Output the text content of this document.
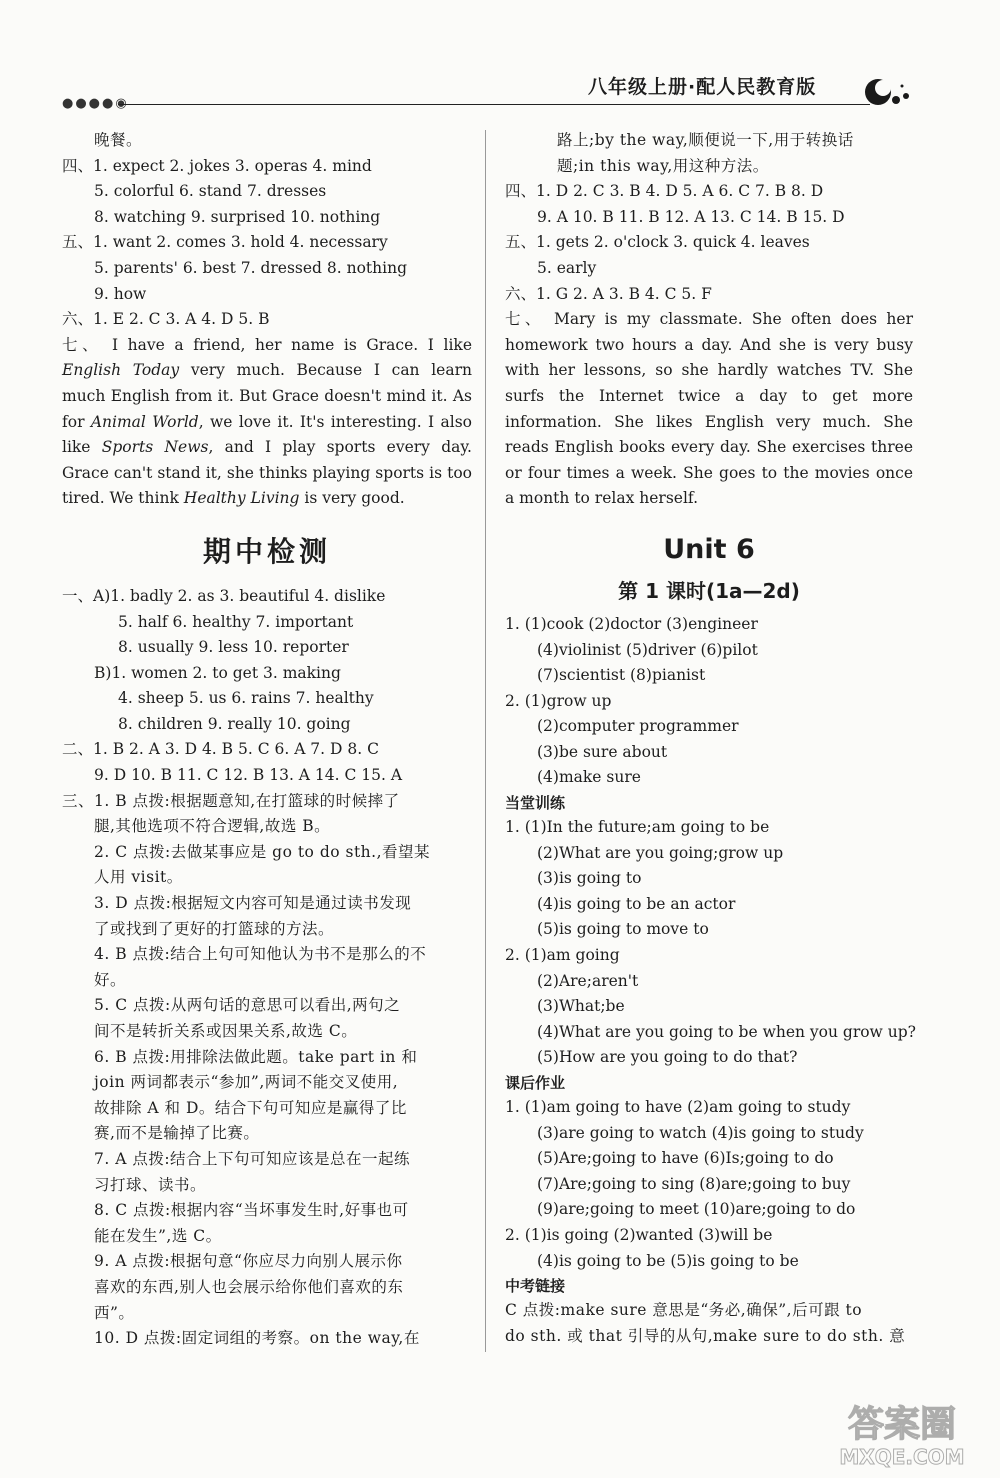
●●●●◉
八年级上册·配人民教育版

晚餐。

四、1. expect 2. jokes 3. operas 4. mind

5. colorful 6. stand 7. dresses

8. watching 9. surprised 10. nothing

五、1. want 2. comes 3. hold 4. necessary

5. parents' 6. best 7. dressed 8. nothing

9. how

六、1. E 2. C 3. A 4. D 5. B

七、 I have a friend, her name is Grace. I like English Today very much. Because I can learn much English from it. But Grace doesn't mind it. As for Animal World, we love it. It's interesting. I also like Sports News, and I play sports every day. Grace can't stand it, she thinks playing sports is too tired. We think Healthy Living is very good.

期中检测

一、A)1. badly 2. as 3. beautiful 4. dislike

5. half 6. healthy 7. important

8. usually 9. less 10. reporter

B)1. women 2. to get 3. making

4. sheep 5. us 6. rains 7. healthy

8. children 9. really 10. going

二、1. B 2. A 3. D 4. B 5. C 6. A 7. D 8. C

9. D 10. B 11. C 12. B 13. A 14. C 15. A

三、1. B 点拨:根据题意知,在打篮球的时候摔了

腿,其他选项不符合逻辑,故选 B。

2. C 点拨:去做某事应是 go to do sth.,看望某

人用 visit。

3. D 点拨:根据短文内容可知是通过读书发现

了或找到了更好的打篮球的方法。

4. B 点拨:结合上句可知他认为书不是那么的不

好。

5. C 点拨:从两句话的意思可以看出,两句之

间不是转折关系或因果关系,故选 C。

6. B 点拨:用排除法做此题。take part in 和

join 两词都表示“参加”,两词不能交叉使用,

故排除 A 和 D。结合下句可知应是赢得了比

赛,而不是输掉了比赛。

7. A 点拨:结合上下句可知应该是总在一起练

习打球、读书。

8. C 点拨:根据内容“当坏事发生时,好事也可

能在发生”,选 C。

9. A 点拨:根据句意“你应尽力向别人展示你

喜欢的东西,别人也会展示给你他们喜欢的东

西”。

10. D 点拨:固定词组的考察。on the way,在

路上;by the way,顺便说一下,用于转换话

题;in this way,用这种方法。

四、1. D 2. C 3. B 4. D 5. A 6. C 7. B 8. D

9. A 10. B 11. B 12. A 13. C 14. B 15. D

五、1. gets 2. o'clock 3. quick 4. leaves

5. early

六、1. G 2. A 3. B 4. C 5. F

七、 Mary is my classmate. She often does her homework two hours a day. And she is very busy with her lessons, so she hardly watches TV. She surfs the Internet twice a day to get more information. She likes English very much. She reads English books every day. She exercises three or four times a week. She goes to the movies once a month to relax herself.

Unit 6
第 1 课时(1a—2d)

1. (1)cook (2)doctor (3)engineer

(4)violinist (5)driver (6)pilot

(7)scientist (8)pianist

2. (1)grow up

(2)computer programmer

(3)be sure about

(4)make sure

当堂训练

1. (1)In the future;am going to be

(2)What are you going;grow up

(3)is going to

(4)is going to be an actor

(5)is going to move to

2. (1)am going

(2)Are;aren't

(3)What;be

(4)What are you going to be when you grow up?

(5)How are you going to do that?

课后作业

1. (1)am going to have (2)am going to study

(3)are going to watch (4)is going to study

(5)Are;going to have (6)Is;going to do

(7)Are;going to sing (8)are;going to buy

(9)are;going to meet (10)are;going to do

2. (1)is going (2)wanted (3)will be

(4)is going to be (5)is going to be

中考链接

C 点拨:make sure 意思是“务必,确保”,后可跟 to

do sth. 或 that 引导的从句,make sure to do sth. 意

答案圈
MXQE.COM
